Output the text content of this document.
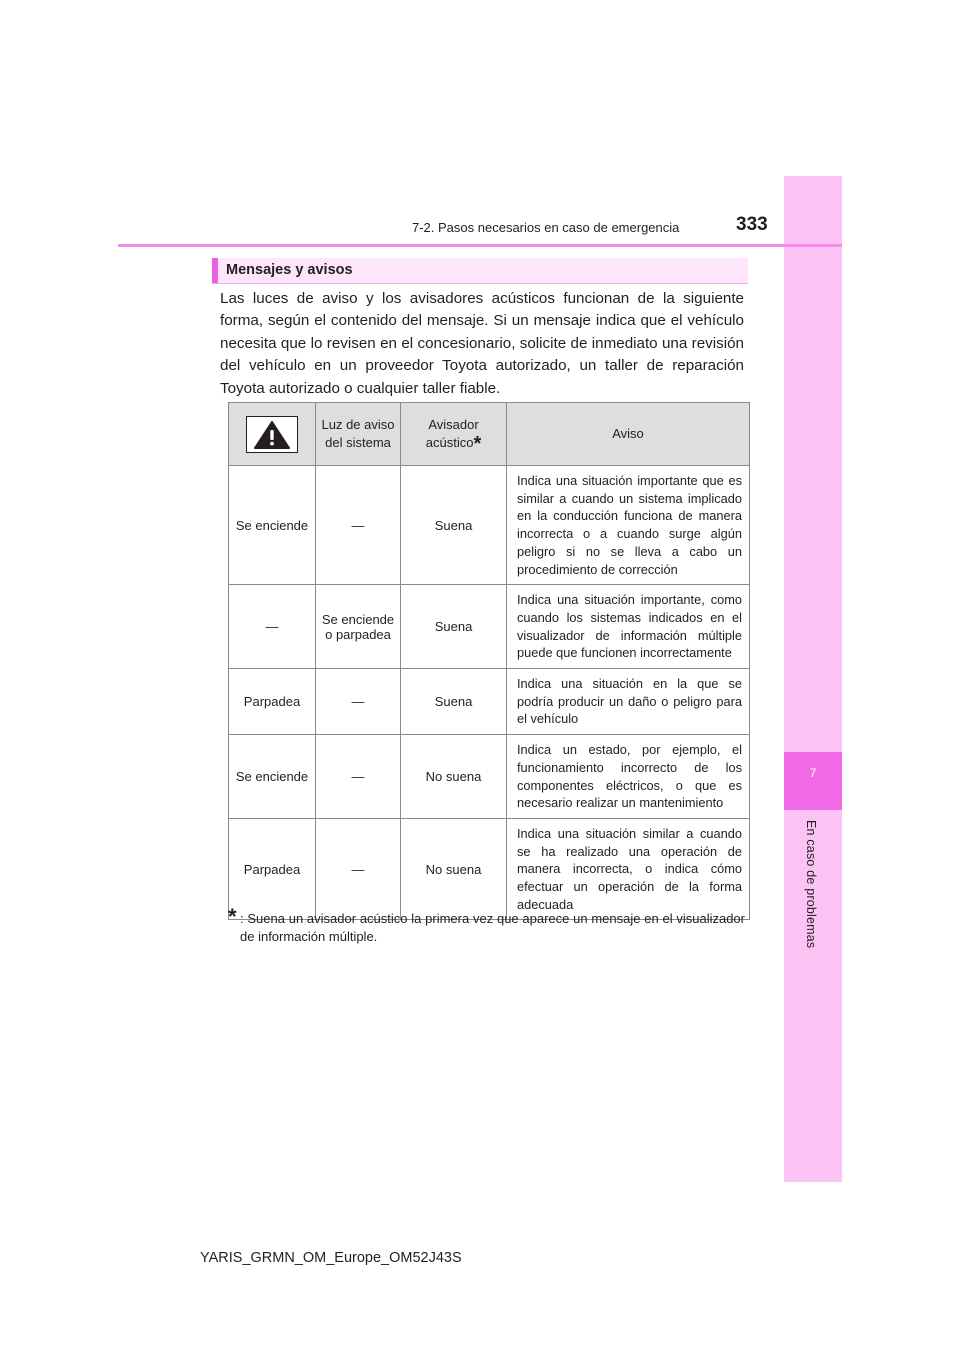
7
En caso de problemas
7-2. Pasos necesarios en caso de emergencia	333
Mensajes y avisos
Las luces de aviso y los avisadores acústicos funcionan de la siguiente forma, según el contenido del mensaje. Si un mensaje indica que el vehículo necesita que lo revisen en el concesionario, solicite de inmediato una revisión del vehículo en un proveedor Toyota autorizado, un taller de reparación Toyota autorizado o cualquier taller fiable.
	Luz de aviso del sistema	Avisador acústico*	Aviso
Se enciende	—	Suena	Indica una situación importante que es similar a cuando un sistema implicado en la conducción funciona de manera incorrecta o a cuando surge algún peligro si no se lleva a cabo un procedimiento de corrección
—	Se enciende o parpadea	Suena	Indica una situación importante, como cuando los sistemas indicados en el visualizador de información múltiple puede que funcionen incorrectamente
Parpadea	—	Suena	Indica una situación en la que se podría producir un daño o peligro para el vehículo
Se enciende	—	No suena	Indica un estado, por ejemplo, el funcionamiento incorrecto de los componentes eléctricos, o que es necesario realizar un mantenimiento
Parpadea	—	No suena	Indica una situación similar a cuando se ha realizado una operación de manera incorrecta, o indica cómo efectuar un operación de la forma adecuada
* : Suena un avisador acústico la primera vez que aparece un mensaje en el visualizador de información múltiple.
YARIS_GRMN_OM_Europe_OM52J43S
